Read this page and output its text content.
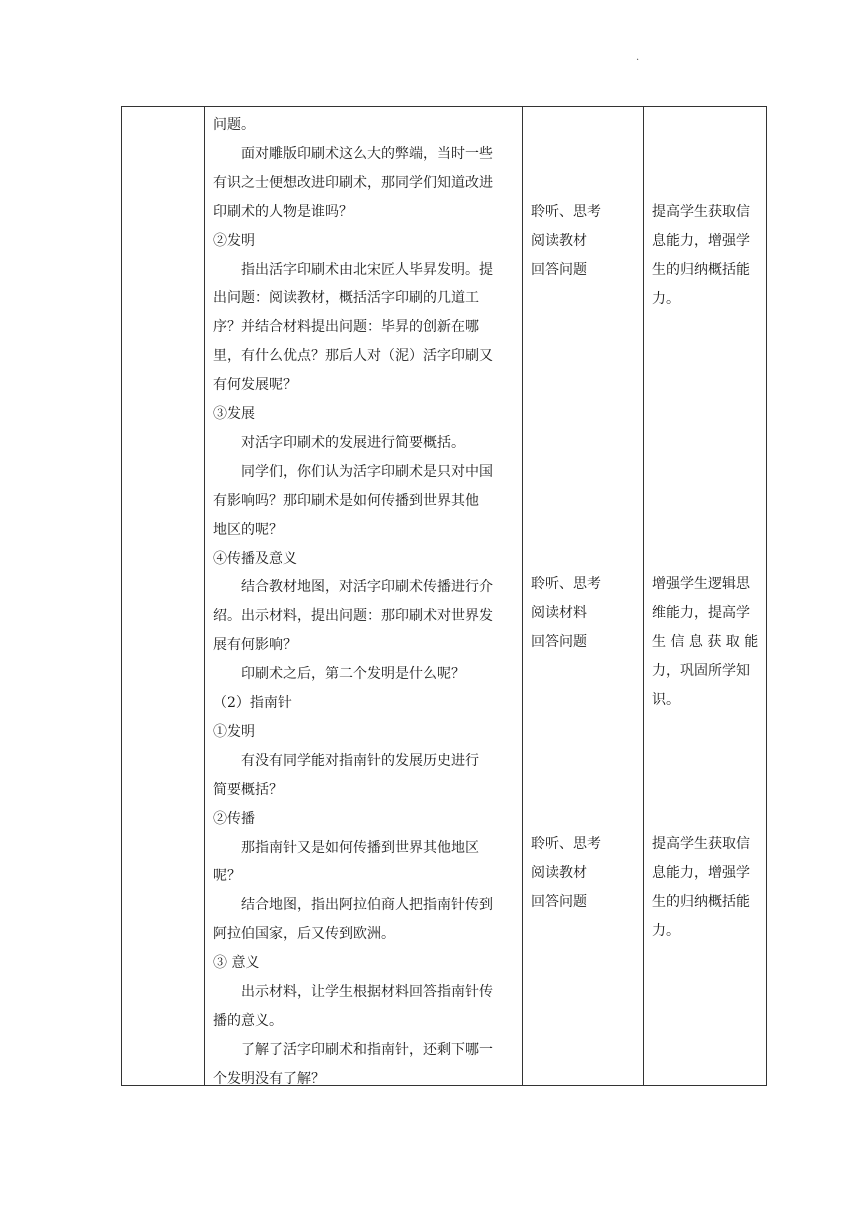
.
问题。
面对雕版印刷术这么大的弊端，当时一些
有识之士便想改进印刷术，那同学们知道改进
印刷术的人物是谁吗？
②发明
指出活字印刷术由北宋匠人毕昇发明。提
出问题：阅读教材，概括活字印刷的几道工
序？并结合材料提出问题：毕昇的创新在哪
里，有什么优点？那后人对（泥）活字印刷又
有何发展呢？
③发展
对活字印刷术的发展进行简要概括。
同学们，你们认为活字印刷术是只对中国
有影响吗？那印刷术是如何传播到世界其他
地区的呢？
④传播及意义
结合教材地图，对活字印刷术传播进行介
绍。出示材料，提出问题：那印刷术对世界发
展有何影响？
印刷术之后，第二个发明是什么呢？
（2）指南针
①发明
有没有同学能对指南针的发展历史进行
简要概括？
②传播
那指南针又是如何传播到世界其他地区
呢？
结合地图，指出阿拉伯商人把指南针传到
阿拉伯国家，后又传到欧洲。
③ 意义
出示材料，让学生根据材料回答指南针传
播的意义。
了解了活字印刷术和指南针，还剩下哪一
个发明没有了解？
聆听、思考
阅读教材
回答问题
聆听、思考
阅读材料
回答问题
聆听、思考
阅读教材
回答问题
提高学生获取信
息能力，增强学
生的归纳概括能
力。
增强学生逻辑思
维能力，提高学
生 信 息 获 取 能
力，巩固所学知
识。
提高学生获取信
息能力，增强学
生的归纳概括能
力。
